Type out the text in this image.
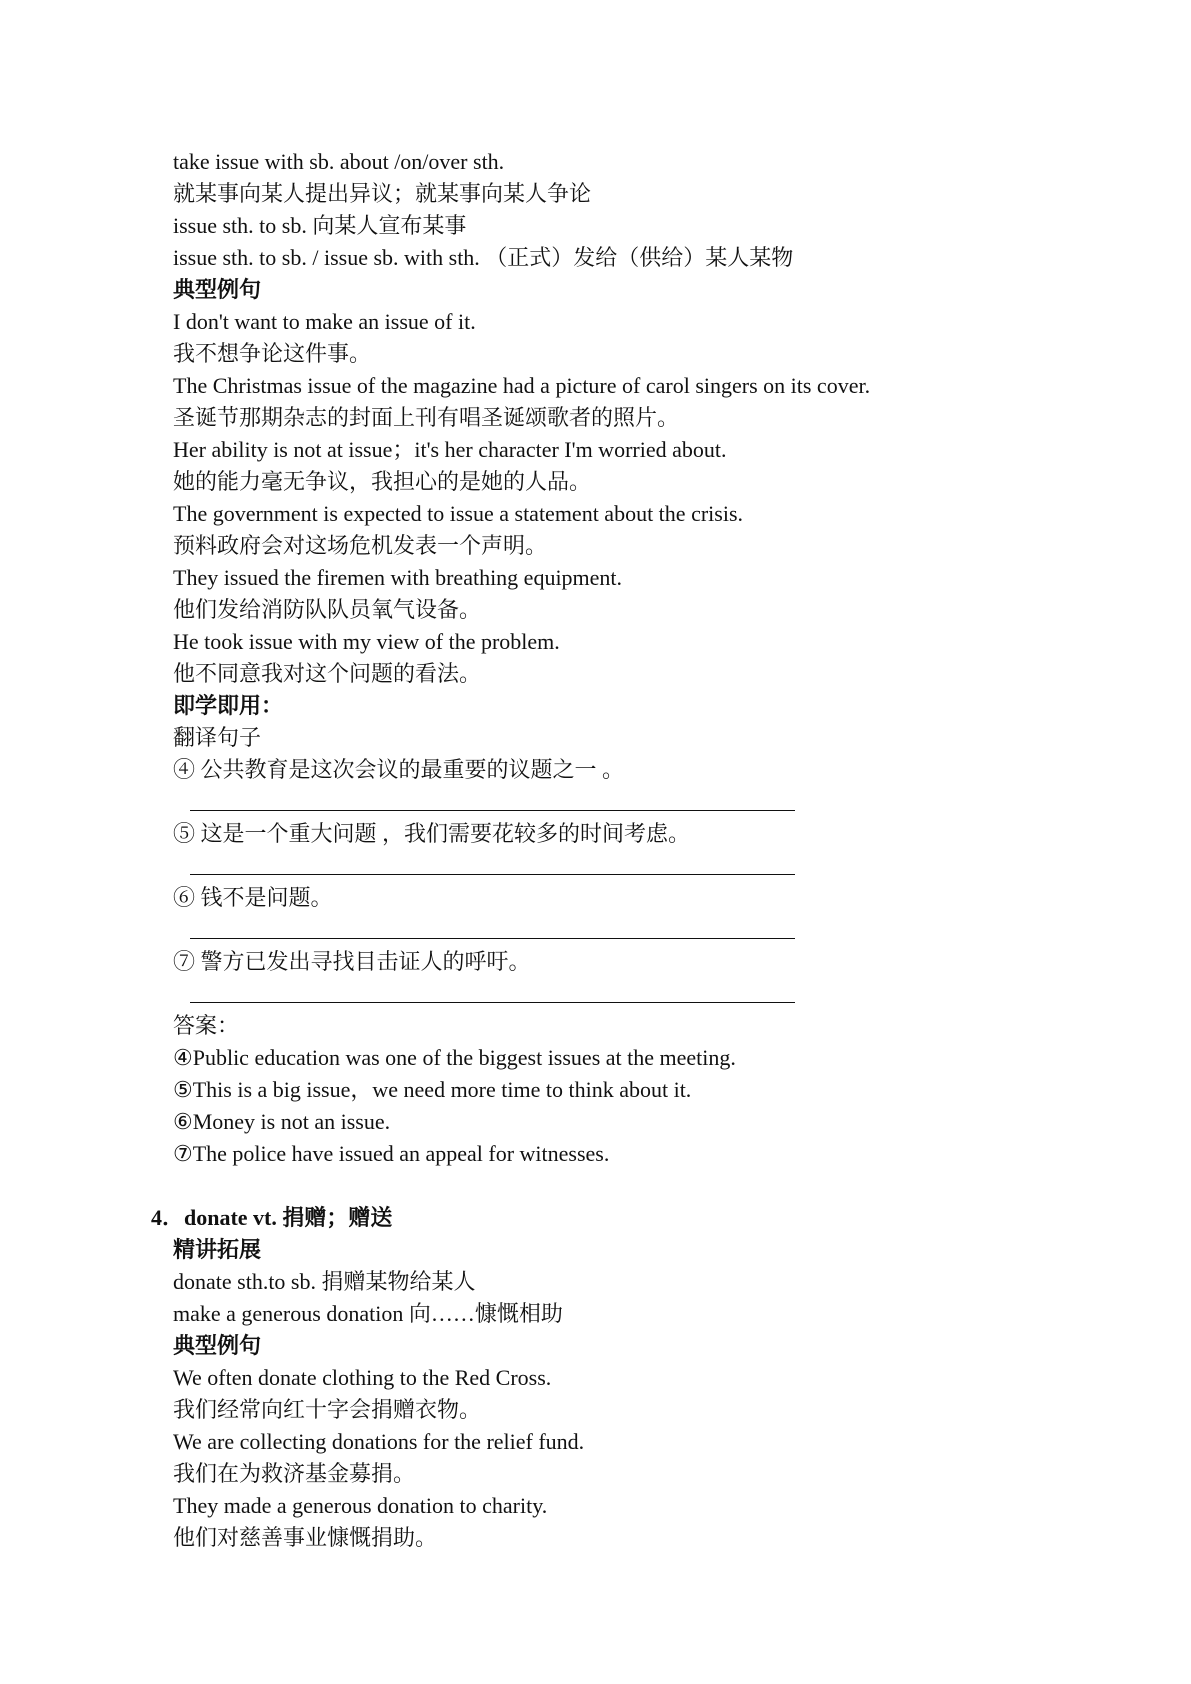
take issue with sb. about /on/over sth.
就某事向某人提出异议；就某事向某人争论
issue sth. to sb. 向某人宣布某事
issue sth. to sb. / issue sb. with sth. （正式）发给（供给）某人某物
典型例句
I don't want to make an issue of it.
我不想争论这件事。
The Christmas issue of the magazine had a picture of carol singers on its cover.
圣诞节那期杂志的封面上刊有唱圣诞颂歌者的照片。
Her ability is not at issue；it's her character I'm worried about.
她的能力毫无争议，我担心的是她的人品。
The government is expected to issue a statement about the crisis.
预料政府会对这场危机发表一个声明。
They issued the firemen with breathing equipment.
他们发给消防队队员氧气设备。
He took issue with my view of the problem.
他不同意我对这个问题的看法。
即学即用：
翻译句子
④ 公共教育是这次会议的最重要的议题之一 。
⑤ 这是一个重大问题 ，我们需要花较多的时间考虑。
⑥ 钱不是问题。
⑦ 警方已发出寻找目击证人的呼吁。
答案：
④Public education was one of the biggest issues at the meeting.
⑤This is a big issue，we need more time to think about it.
⑥Money is not an issue.
⑦The police have issued an appeal for witnesses.
4．donate vt. 捐赠；赠送
精讲拓展
donate sth.to sb. 捐赠某物给某人
make a generous donation 向……慷慨相助
典型例句
We often donate clothing to the Red Cross.
我们经常向红十字会捐赠衣物。
We are collecting donations for the relief fund.
我们在为救济基金募捐。
They made a generous donation to charity.
他们对慈善事业慷慨捐助。
